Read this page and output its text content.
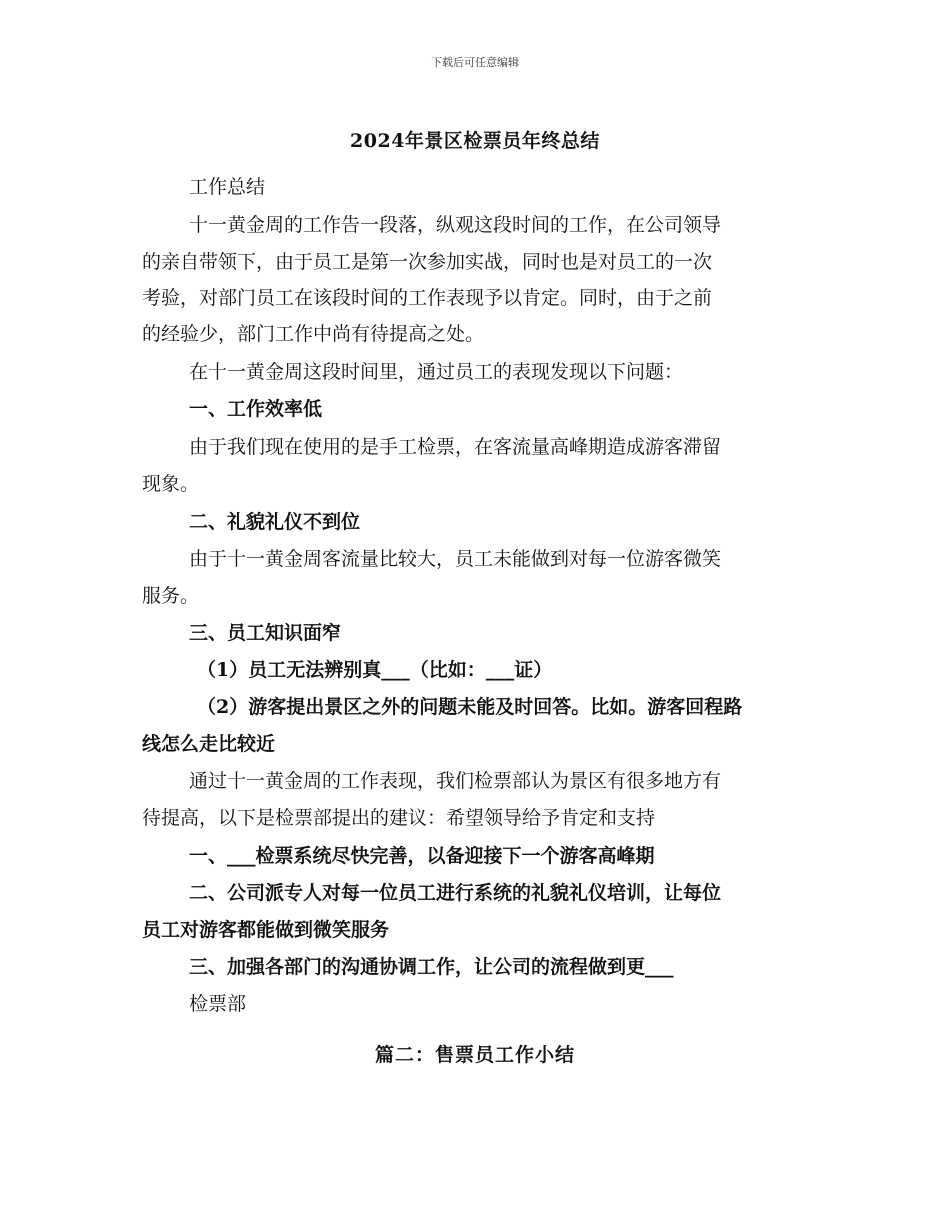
下载后可任意编辑
2024年景区检票员年终总结
工作总结
十一黄金周的工作告一段落，纵观这段时间的工作，在公司领导
的亲自带领下，由于员工是第一次参加实战，同时也是对员工的一次
考验，对部门员工在该段时间的工作表现予以肯定。同时，由于之前
的经验少，部门工作中尚有待提高之处。
在十一黄金周这段时间里，通过员工的表现发现以下问题：
一、工作效率低
由于我们现在使用的是手工检票，在客流量高峰期造成游客滞留
现象。
二、礼貌礼仪不到位
由于十一黄金周客流量比较大，员工未能做到对每一位游客微笑
服务。
三、员工知识面窄
（1）员工无法辨别真___（比如：___证）
（2）游客提出景区之外的问题未能及时回答。比如。游客回程路
线怎么走比较近
通过十一黄金周的工作表现，我们检票部认为景区有很多地方有
待提高，以下是检票部提出的建议：希望领导给予肯定和支持
一、___检票系统尽快完善，以备迎接下一个游客高峰期
二、公司派专人对每一位员工进行系统的礼貌礼仪培训，让每位
员工对游客都能做到微笑服务
三、加强各部门的沟通协调工作，让公司的流程做到更___
检票部
篇二：售票员工作小结
